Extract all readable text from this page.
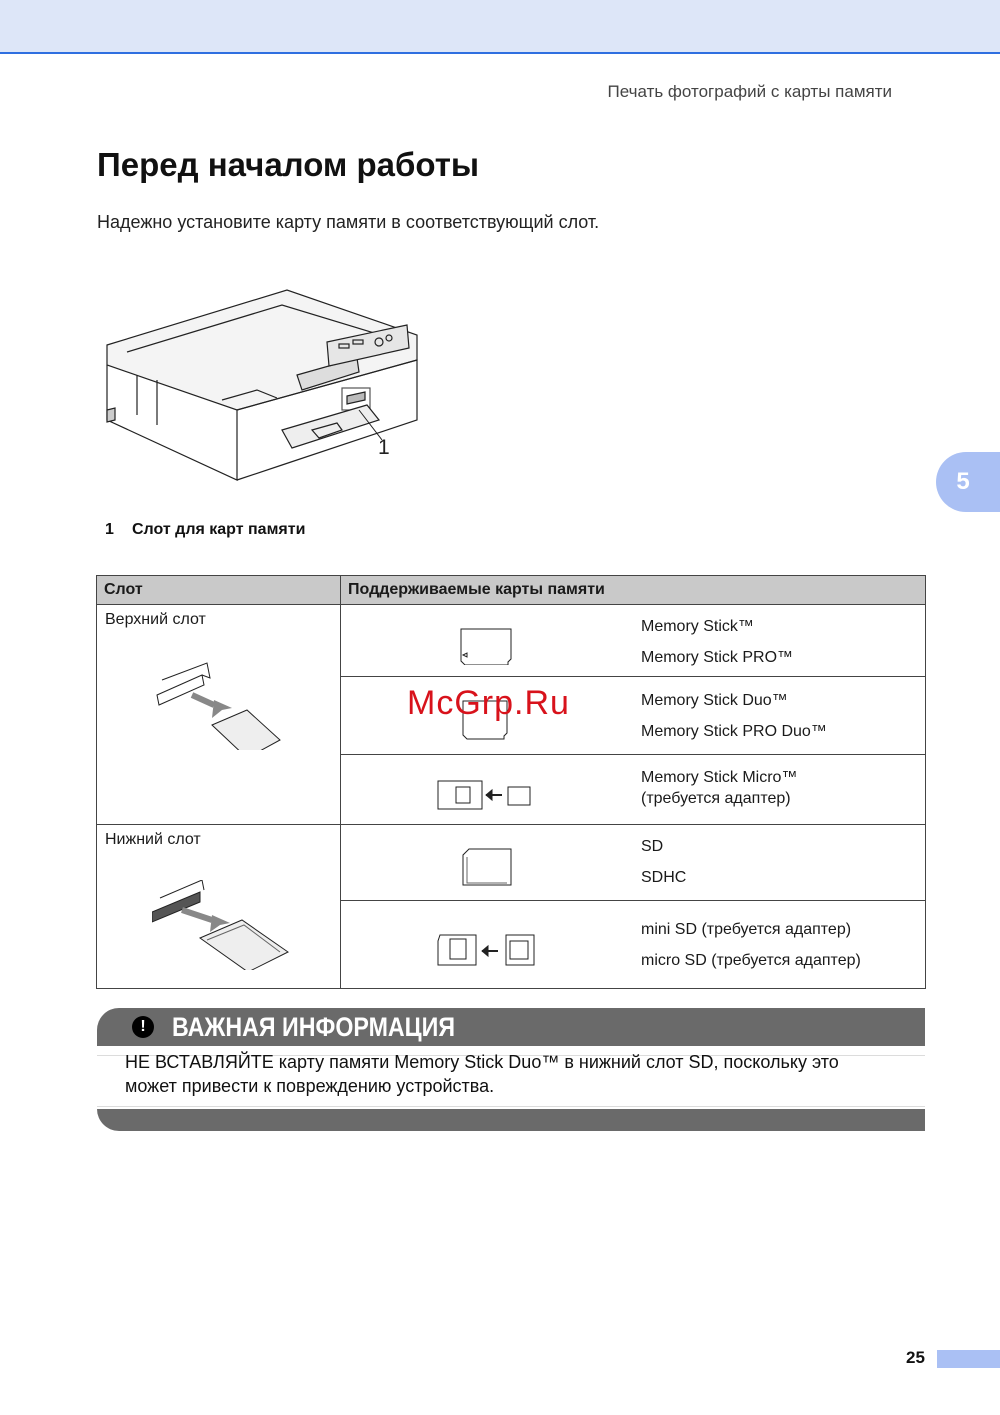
Печать фотографий с карты памяти
Перед началом работы
Надежно установите карту памяти в соответствующий слот.
1
5
1 Слот для карт памяти
Слот	Поддерживаемые карты памяти

Верхний слот	Memory Stick™
Memory Stick PRO™

	Memory Stick Duo™
Memory Stick PRO Duo™

	Memory Stick Micro™
(требуется адаптер)

Нижний слот	SD
SDHC

	mini SD (требуется адаптер)
micro SD (требуется адаптер)
McGrp.Ru
! ВАЖНАЯ ИНФОРМАЦИЯ
НЕ ВСТАВЛЯЙТЕ карту памяти Memory Stick Duo™ в нижний слот SD, поскольку это
может привести к повреждению устройства.
25
